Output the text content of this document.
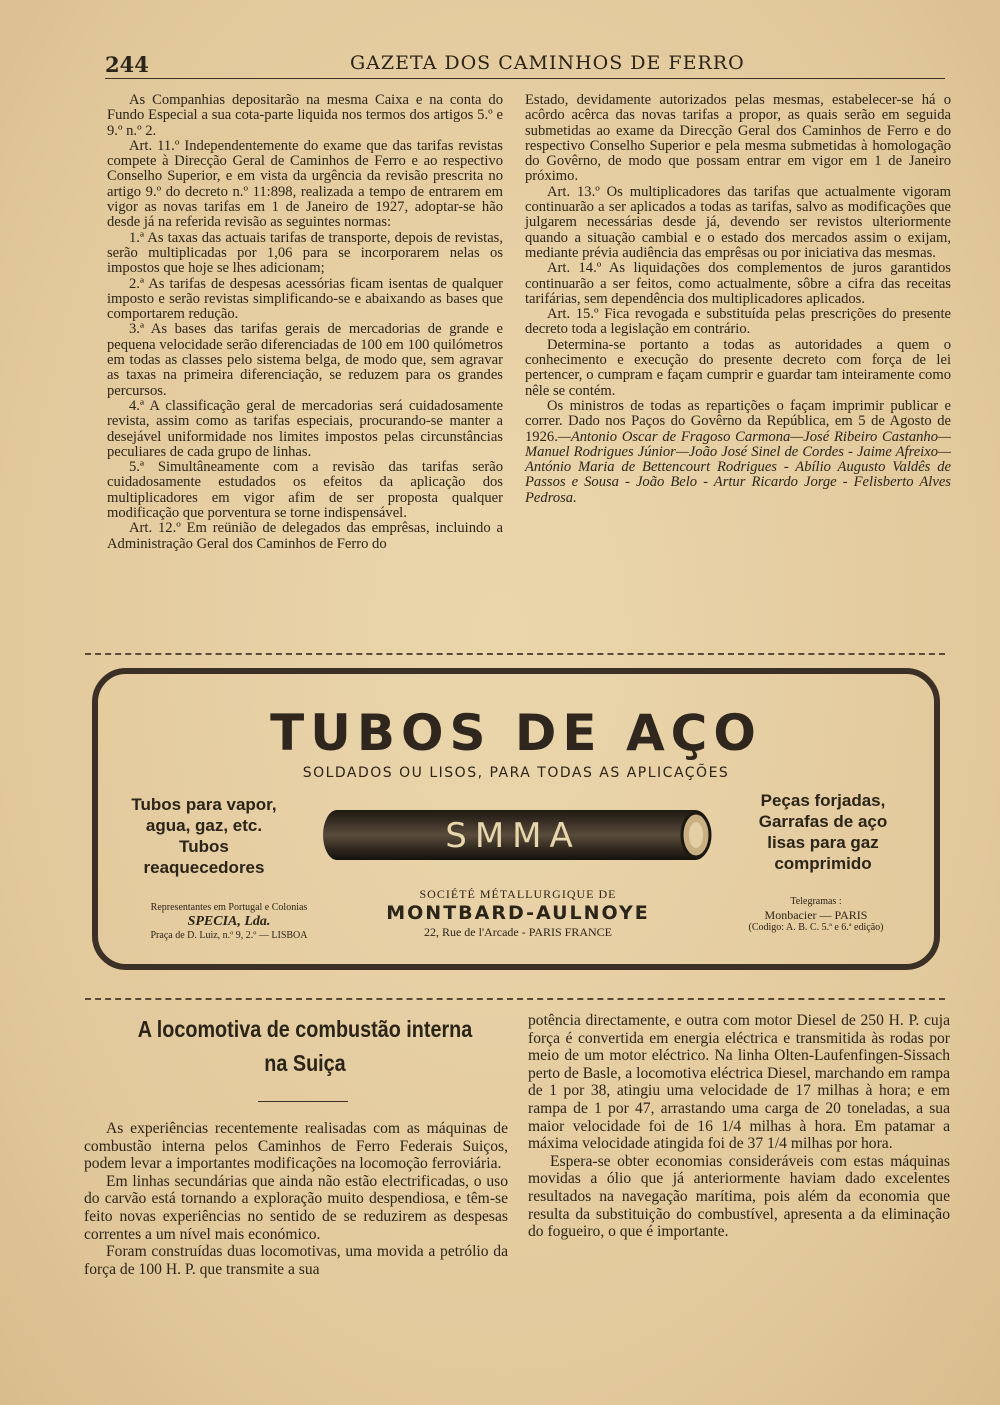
244	GAZETA DOS CAMINHOS DE FERRO

As Companhias depositarão na mesma Caixa e na conta do Fundo Especial a sua cota-parte liquida nos termos dos artigos 5.º e 9.º n.º 2.

Art. 11.º Independentemente do exame que das tarifas revistas compete à Direcção Geral de Caminhos de Ferro e ao respectivo Conselho Superior, e em vista da urgência da revisão prescrita no artigo 9.º do decreto n.º 11:898, realizada a tempo de entrarem em vigor as novas tarifas em 1 de Janeiro de 1927, adoptar-se hão desde já na referida revisão as seguintes normas:

1.ª As taxas das actuais tarifas de transporte, depois de revistas, serão multiplicadas por 1,06 para se incorporarem nelas os impostos que hoje se lhes adicionam;

2.ª As tarifas de despesas acessórias ficam isentas de qualquer imposto e serão revistas simplificando-se e abaixando as bases que comportarem redução.

3.ª As bases das tarifas gerais de mercadorias de grande e pequena velocidade serão diferenciadas de 100 em 100 quilómetros em todas as classes pelo sistema belga, de modo que, sem agravar as taxas na primeira diferenciação, se reduzem para os grandes percursos.

4.ª A classificação geral de mercadorias será cuidadosamente revista, assim como as tarifas especiais, procurando-se manter a desejável uniformidade nos limites impostos pelas circunstâncias peculiares de cada grupo de linhas.

5.ª Simultâneamente com a revisão das tarifas serão cuidadosamente estudados os efeitos da aplicação dos multiplicadores em vigor afim de ser proposta qualquer modificação que porventura se torne indispensável.

Art. 12.º Em reünião de delegados das emprêsas, incluindo a Administração Geral dos Caminhos de Ferro do

Estado, devidamente autorizados pelas mesmas, estabelecer-se há o acôrdo acêrca das novas tarifas a propor, as quais serão em seguida submetidas ao exame da Direcção Geral dos Caminhos de Ferro e do respectivo Conselho Superior e pela mesma submetidas à homologação do Govêrno, de modo que possam entrar em vigor em 1 de Janeiro próximo.

Art. 13.º Os multiplicadores das tarifas que actualmente vigoram continuarão a ser aplicados a todas as tarifas, salvo as modificações que julgarem necessárias desde já, devendo ser revistos ulteriormente quando a situação cambial e o estado dos mercados assim o exijam, mediante prévia audiência das emprêsas ou por iniciativa das mesmas.

Art. 14.º As liquidações dos complementos de juros garantidos continuarão a ser feitos, como actualmente, sôbre a cifra das receitas tarifárias, sem dependência dos multiplicadores aplicados.

Art. 15.º Fica revogada e substituída pelas prescrições do presente decreto toda a legislação em contrário.

Determina-se portanto a todas as autoridades a quem o conhecimento e execução do presente decreto com força de lei pertencer, o cumpram e façam cumprir e guardar tam inteiramente como nêle se contém.

Os ministros de todas as repartições o façam imprimir publicar e correr. Dado nos Paços do Govêrno da República, em 5 de Agosto de 1926.—Antonio Oscar de Fragoso Carmona—José Ribeiro Castanho—Manuel Rodrigues Júnior—João José Sinel de Cordes - Jaime Afreixo—António Maria de Bettencourt Rodrigues - Abílio Augusto Valdês de Passos e Sousa - João Belo - Artur Ricardo Jorge - Felisberto Alves Pedrosa.

TUBOS DE AÇO
SOLDADOS OU LISOS, PARA TODAS AS APLICAÇÕES
Tubos para vapor,
agua, gaz, etc.
Tubos
reaquecedores
SMMA
Peças forjadas,
Garrafas de aço
lisas para gaz
comprimido
Representantes em Portugal e Colonias
SPECIA, Lda.
Praça de D. Luiz, n.º 9, 2.º — LISBOA
SOCIÉTÉ MÉTALLURGIQUE DE
MONTBARD-AULNOYE
22, Rue de l'Arcade - PARIS FRANCE
Telegramas :
Monbacier — PARIS
(Codigo: A. B. C. 5.ª e 6.ª edição)
A locomotiva de combustão interna
na Suiça

As experiências recentemente realisadas com as máquinas de combustão interna pelos Caminhos de Ferro Federais Suiços, podem levar a importantes modificações na locomoção ferroviária.

Em linhas secundárias que ainda não estão electrificadas, o uso do carvão está tornando a exploração muito despendiosa, e têm-se feito novas experiências no sentido de se reduzirem as despesas correntes a um nível mais económico.

Foram construídas duas locomotivas, uma movida a petrólio da força de 100 H. P. que transmite a sua

potência directamente, e outra com motor Diesel de 250 H. P. cuja força é convertida em energia eléctrica e transmitida às rodas por meio de um motor eléctrico. Na linha Olten-Laufenfingen-Sissach perto de Basle, a locomotiva eléctrica Diesel, marchando em rampa de 1 por 38, atingiu uma velocidade de 17 milhas à hora; e em rampa de 1 por 47, arrastando uma carga de 20 toneladas, a sua maior velocidade foi de 16 1/4 milhas à hora. Em patamar a máxima velocidade atingida foi de 37 1/4 milhas por hora.

Espera-se obter economias consideráveis com estas máquinas movidas a ólio que já anteriormente haviam dado excelentes resultados na navegação marítima, pois além da economia que resulta da substituição do combustível, apresenta a da eliminação do fogueiro, o que é importante.
